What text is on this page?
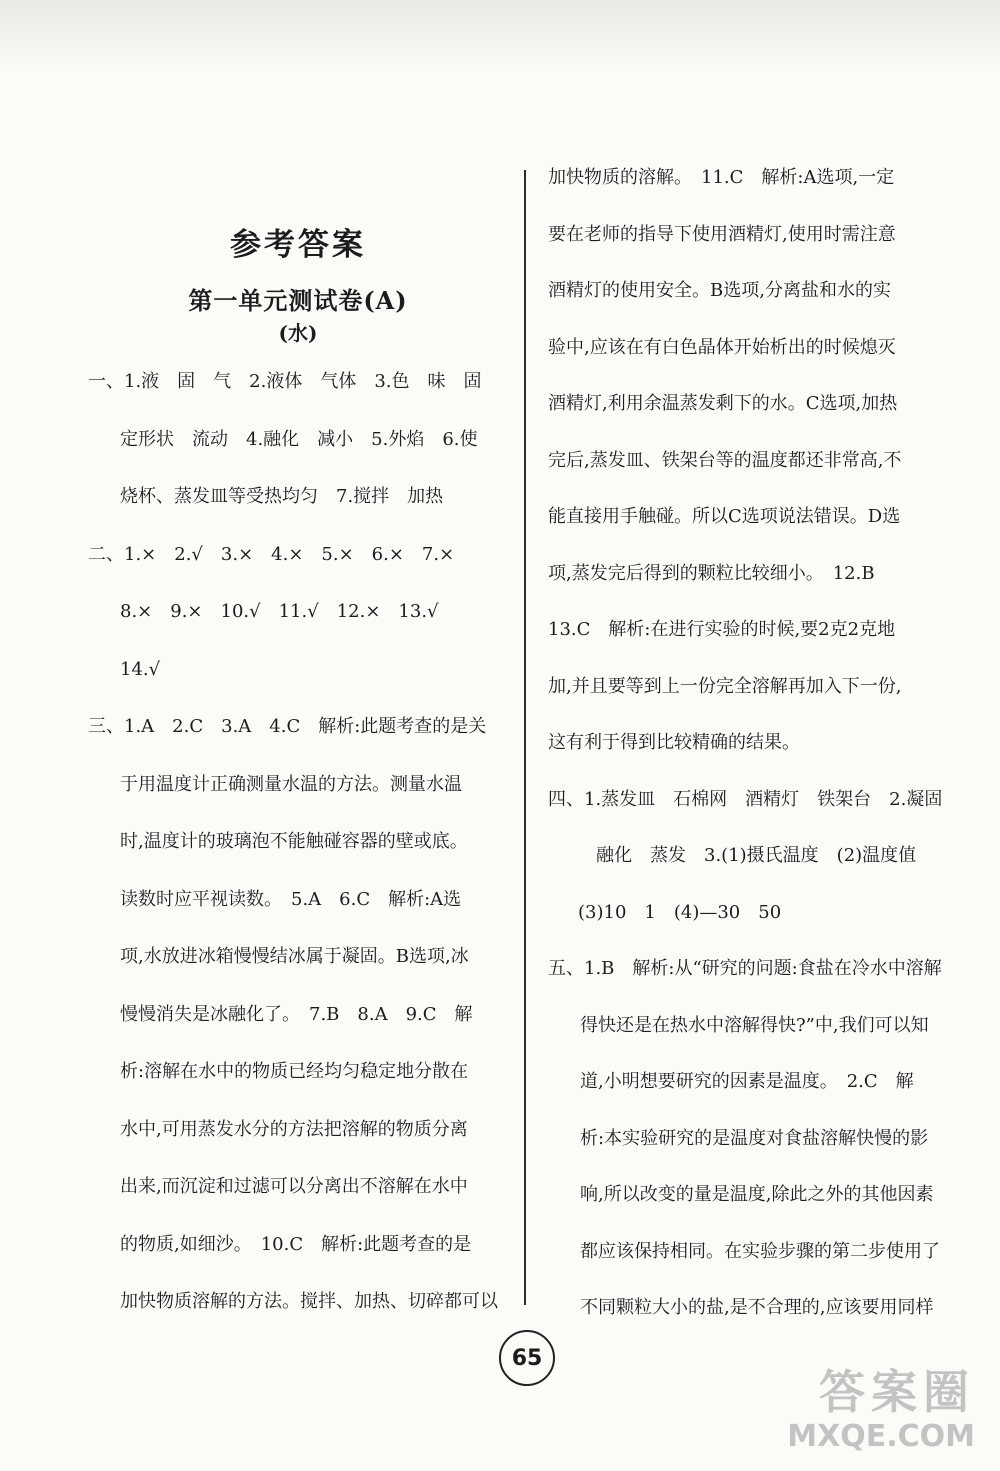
参考答案
第一单元测试卷(A)
(水)
一、1.液　固　气　2.液体　气体　3.色　味　固
定形状　流动　4.融化　减小　5.外焰　6.使
烧杯、蒸发皿等受热均匀　7.搅拌　加热
二、1.×　2.√　3.×　4.×　5.×　6.×　7.×
8.×　9.×　10.√　11.√　12.×　13.√
14.√
三、1.A　2.C　3.A　4.C　解析:此题考查的是关
于用温度计正确测量水温的方法。测量水温
时,温度计的玻璃泡不能触碰容器的壁或底。
读数时应平视读数。　5.A　6.C　解析:A选
项,水放进冰箱慢慢结冰属于凝固。B选项,冰
慢慢消失是冰融化了。　7.B　8.A　9.C　解
析:溶解在水中的物质已经均匀稳定地分散在
水中,可用蒸发水分的方法把溶解的物质分离
出来,而沉淀和过滤可以分离出不溶解在水中
的物质,如细沙。　10.C　解析:此题考查的是
加快物质溶解的方法。搅拌、加热、切碎都可以
加快物质的溶解。　11.C　解析:A选项,一定
要在老师的指导下使用酒精灯,使用时需注意
酒精灯的使用安全。B选项,分离盐和水的实
验中,应该在有白色晶体开始析出的时候熄灭
酒精灯,利用余温蒸发剩下的水。C选项,加热
完后,蒸发皿、铁架台等的温度都还非常高,不
能直接用手触碰。所以C选项说法错误。D选
项,蒸发完后得到的颗粒比较细小。　12.B
13.C　解析:在进行实验的时候,要2克2克地
加,并且要等到上一份完全溶解再加入下一份,
这有利于得到比较精确的结果。
四、1.蒸发皿　石棉网　酒精灯　铁架台　2.凝固
融化　蒸发　3.(1)摄氏温度　(2)温度值
(3)10　1　(4)—30　50
五、1.B　解析:从“研究的问题:食盐在冷水中溶解
得快还是在热水中溶解得快?”中,我们可以知
道,小明想要研究的因素是温度。　2.C　解
析:本实验研究的是温度对食盐溶解快慢的影
响,所以改变的量是温度,除此之外的其他因素
都应该保持相同。在实验步骤的第二步使用了
不同颗粒大小的盐,是不合理的,应该要用同样
65
答案圈
MXQE.COM
